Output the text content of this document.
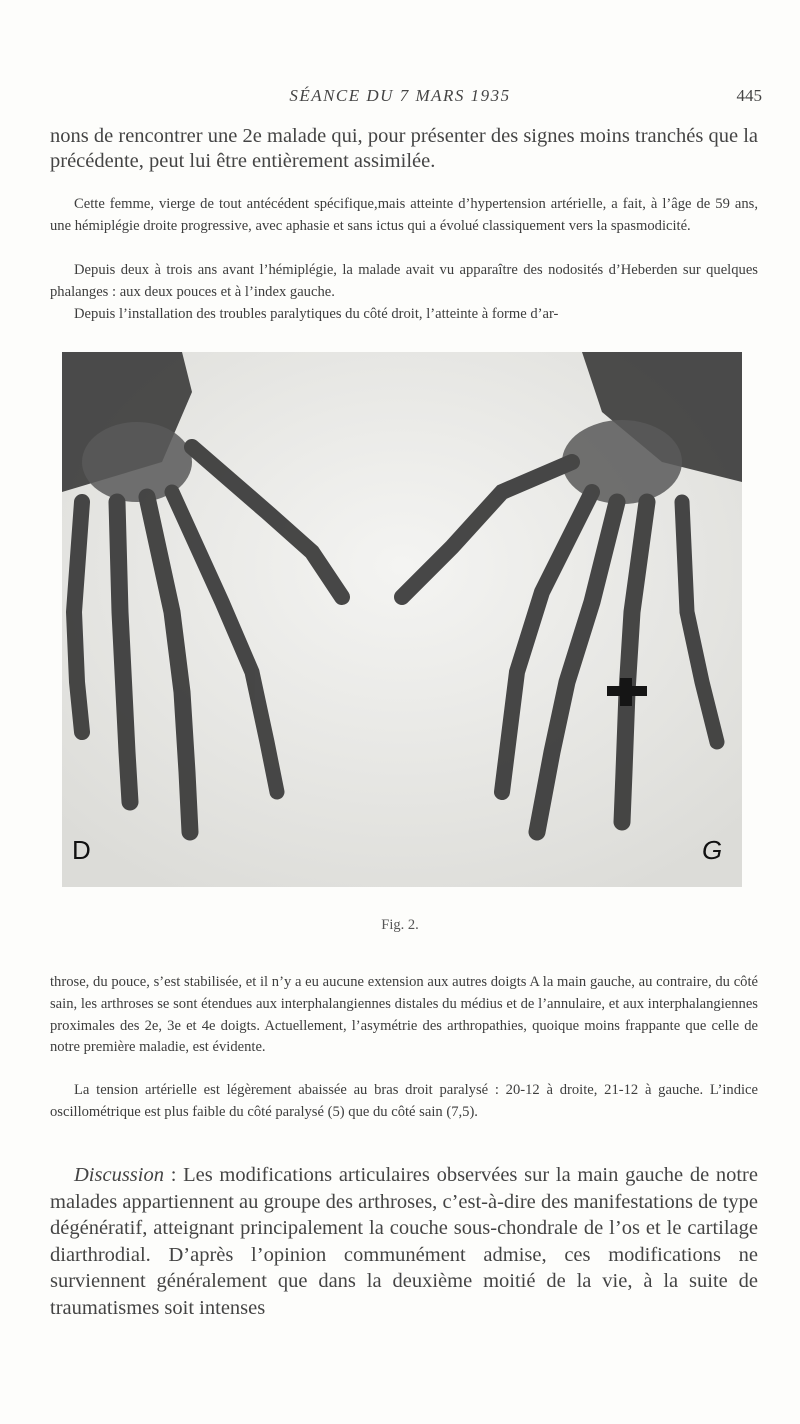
SÉANCE DU 7 MARS 1935	445

nons de rencontrer une 2e malade qui, pour présenter des signes moins tranchés que la précédente, peut lui être entièrement assimilée.

Cette femme, vierge de tout antécédent spécifique,mais atteinte d’hypertension artérielle, a fait, à l’âge de 59 ans, une hémiplégie droite progressive, avec aphasie et sans ictus qui a évolué classiquement vers la spasmodicité.

Depuis deux à trois ans avant l’hémiplégie, la malade avait vu apparaître des nodosités d’Heberden sur quelques phalanges : aux deux pouces et à l’index gauche.

Depuis l’installation des troubles paralytiques du côté droit, l’atteinte à forme d’ar-

D	G
Fig. 2.

throse, du pouce, s’est stabilisée, et il n’y a eu aucune extension aux autres doigts A la main gauche, au contraire, du côté sain, les arthroses se sont étendues aux interphalangiennes distales du médius et de l’annulaire, et aux interphalangiennes proximales des 2e, 3e et 4e doigts. Actuellement, l’asymétrie des arthropathies, quoique moins frappante que celle de notre première maladie, est évidente.

La tension artérielle est légèrement abaissée au bras droit paralysé : 20-12 à droite, 21-12 à gauche. L’indice oscillométrique est plus faible du côté paralysé (5) que du côté sain (7,5).

Discussion : Les modifications articulaires observées sur la main gauche de notre malades appartiennent au groupe des arthroses, c’est-à-dire des manifestations de type dégénératif, atteignant principalement la couche sous-chondrale de l’os et le cartilage diarthrodial. D’après l’opinion communément admise, ces modifications ne surviennent généralement que dans la deuxième moitié de la vie, à la suite de traumatismes soit intenses
